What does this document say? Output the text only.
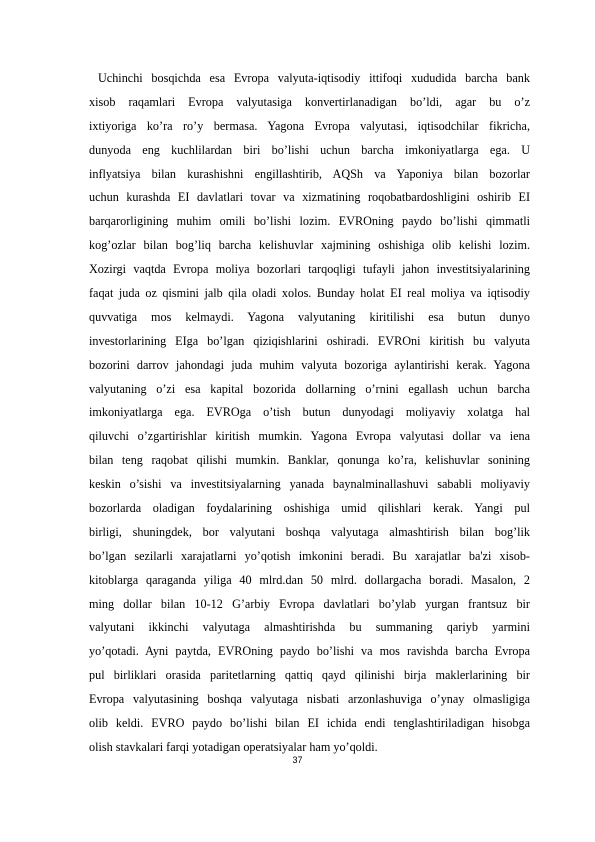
Uchinchi bosqichda esa Evropa valyuta-iqtisodiy ittifoqi xududida barcha bank
xisob raqamlari Evropa valyutasiga konvertirlanadigan bo’ldi, agar bu o’z
ixtiyoriga ko’ra ro’y bermasa. Yagona Evropa valyutasi, iqtisodchilar fikricha,
dunyoda eng kuchlilardan biri bo’lishi uchun barcha imkoniyatlarga ega. U
inflyatsiya bilan kurashishni engillashtirib, AQSh va Yaponiya bilan bozorlar
uchun kurashda EI davlatlari tovar va xizmatining roqobatbardoshligini oshirib EI
barqarorligining muhim omili bo’lishi lozim. EVROning paydo bo’lishi qimmatli
kog’ozlar bilan bog’liq barcha kelishuvlar xajmining oshishiga olib kelishi lozim.
Xozirgi vaqtda Evropa moliya bozorlari tarqoqligi tufayli jahon investitsiyalarining
faqat juda oz qismini jalb qila oladi xolos. Bunday holat EI real moliya va iqtisodiy
quvvatiga mos kelmaydi. Yagona valyutaning kiritilishi esa butun dunyo
investorlarining EIga bo’lgan qiziqishlarini oshiradi. EVROni kiritish bu valyuta
bozorini darrov jahondagi juda muhim valyuta bozoriga aylantirishi kerak. Yagona
valyutaning o’zi esa kapital bozorida dollarning o’rnini egallash uchun barcha
imkoniyatlarga ega. EVROga o’tish butun dunyodagi moliyaviy xolatga hal
qiluvchi o’zgartirishlar kiritish mumkin. Yagona Evropa valyutasi dollar va iena
bilan teng raqobat qilishi mumkin. Banklar, qonunga ko’ra, kelishuvlar sonining
keskin o’sishi va investitsiyalarning yanada baynalminallashuvi sababli moliyaviy
bozorlarda oladigan foydalarining oshishiga umid qilishlari kerak. Yangi pul
birligi, shuningdek, bor valyutani boshqa valyutaga almashtirish bilan bog’lik
bo’lgan sezilarli xarajatlarni yo’qotish imkonini beradi. Bu xarajatlar ba'zi xisob-
kitoblarga qaraganda yiliga 40 mlrd.dan 50 mlrd. dollargacha boradi. Masalon, 2
ming dollar bilan 10-12 G’arbiy Evropa davlatlari bo’ylab yurgan frantsuz bir
valyutani ikkinchi valyutaga almashtirishda bu summaning qariyb yarmini
yo’qotadi. Ayni paytda, EVROning paydo bo’lishi va mos ravishda barcha Evropa
pul birliklari orasida paritetlarning qattiq qayd qilinishi birja maklerlarining bir
Evropa valyutasining boshqa valyutaga nisbati arzonlashuviga o’ynay olmasligiga
olib keldi. EVRO paydo bo’lishi bilan EI ichida endi tenglashtiriladigan hisobga
olish stavkalari farqi yotadigan operatsiyalar ham yo’qoldi.
37
